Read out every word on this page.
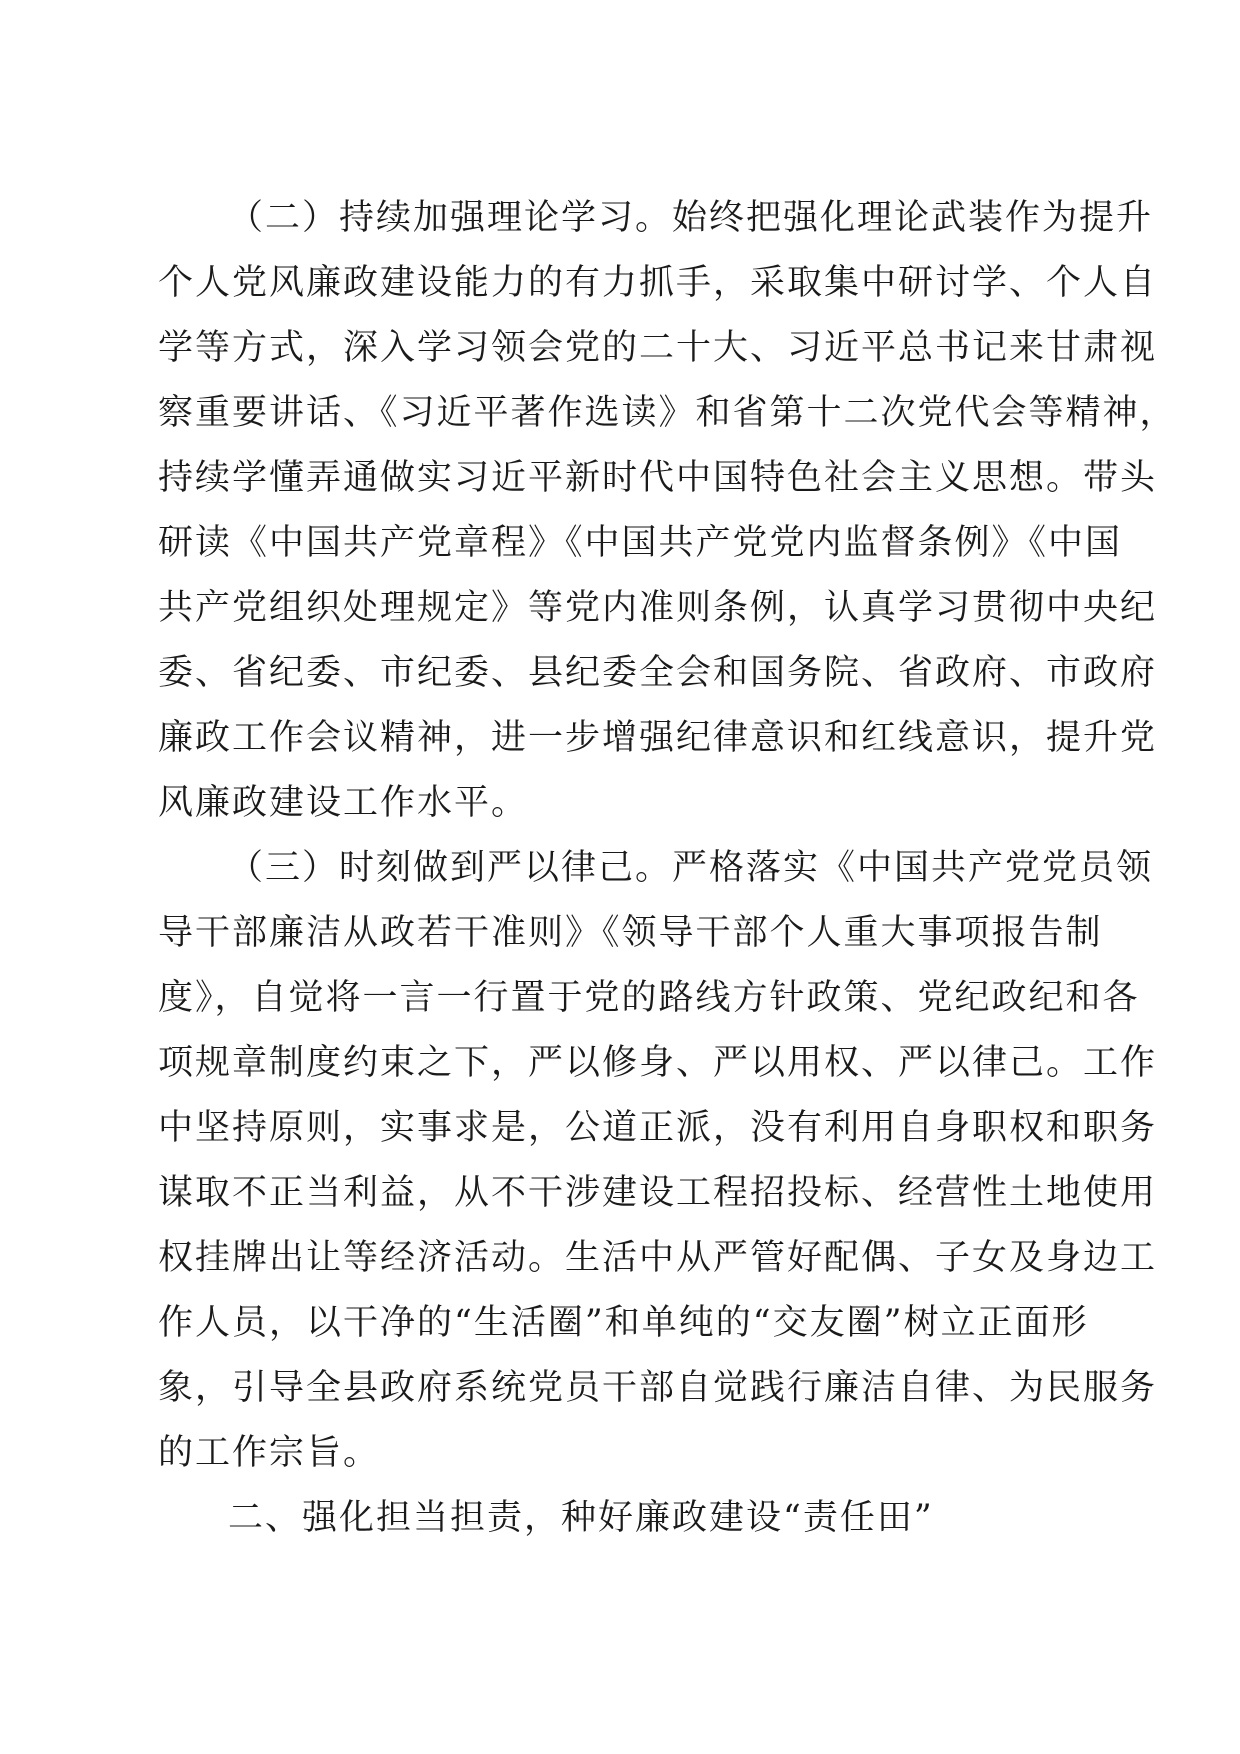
（二）持续加强理论学习。始终把强化理论武装作为提升
个人党风廉政建设能力的有力抓手，采取集中研讨学、个人自
学等方式，深入学习领会党的二十大、习近平总书记来甘肃视
察重要讲话、《习近平著作选读》和省第十二次党代会等精神，
持续学懂弄通做实习近平新时代中国特色社会主义思想。带头
研读《中国共产党章程》《中国共产党党内监督条例》《中国
共产党组织处理规定》等党内准则条例，认真学习贯彻中央纪
委、省纪委、市纪委、县纪委全会和国务院、省政府、市政府
廉政工作会议精神，进一步增强纪律意识和红线意识，提升党
风廉政建设工作水平。
（三）时刻做到严以律己。严格落实《中国共产党党员领
导干部廉洁从政若干准则》《领导干部个人重大事项报告制
度》，自觉将一言一行置于党的路线方针政策、党纪政纪和各
项规章制度约束之下，严以修身、严以用权、严以律己。工作
中坚持原则，实事求是，公道正派，没有利用自身职权和职务
谋取不正当利益，从不干涉建设工程招投标、经营性土地使用
权挂牌出让等经济活动。生活中从严管好配偶、子女及身边工
作人员，以干净的“生活圈”和单纯的“交友圈”树立正面形
象，引导全县政府系统党员干部自觉践行廉洁自律、为民服务
的工作宗旨。
二、强化担当担责，种好廉政建设“责任田”
